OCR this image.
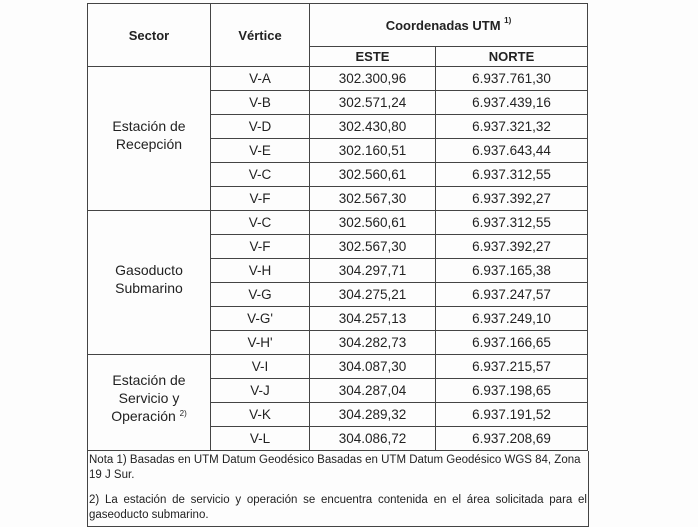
Sector	Vértice	Coordenadas UTM $^{1)}$
		ESTE	NORTE
Estación de
Recepción	V-A	302.300,96	6.937.761,30
	V-B	302.571,24	6.937.439,16
	V-D	302.430,80	6.937.321,32
	V-E	302.160,51	6.937.643,44
	V-C	302.560,61	6.937.312,55
	V-F	302.567,30	6.937.392,27
Gasoducto
Submarino	V-C	302.560,61	6.937.312,55
	V-F	302.567,30	6.937.392,27
	V-H	304.297,71	6.937.165,38
	V-G	304.275,21	6.937.247,57
	V-G'	304.257,13	6.937.249,10
	V-H'	304.282,73	6.937.166,65
Estación de
Servicio y
Operación $^{2)}$	V-I	304.087,30	6.937.215,57
	V-J	304.287,04	6.937.198,65
	V-K	304.289,32	6.937.191,52
	V-L	304.086,72	6.937.208,69

Nota 1) Basadas en UTM Datum Geodésico Basadas en UTM Datum Geodésico WGS 84, Zona 19 J Sur.

2) La estación de servicio y operación se encuentra contenida en el área solicitada para el gaseoducto submarino.
